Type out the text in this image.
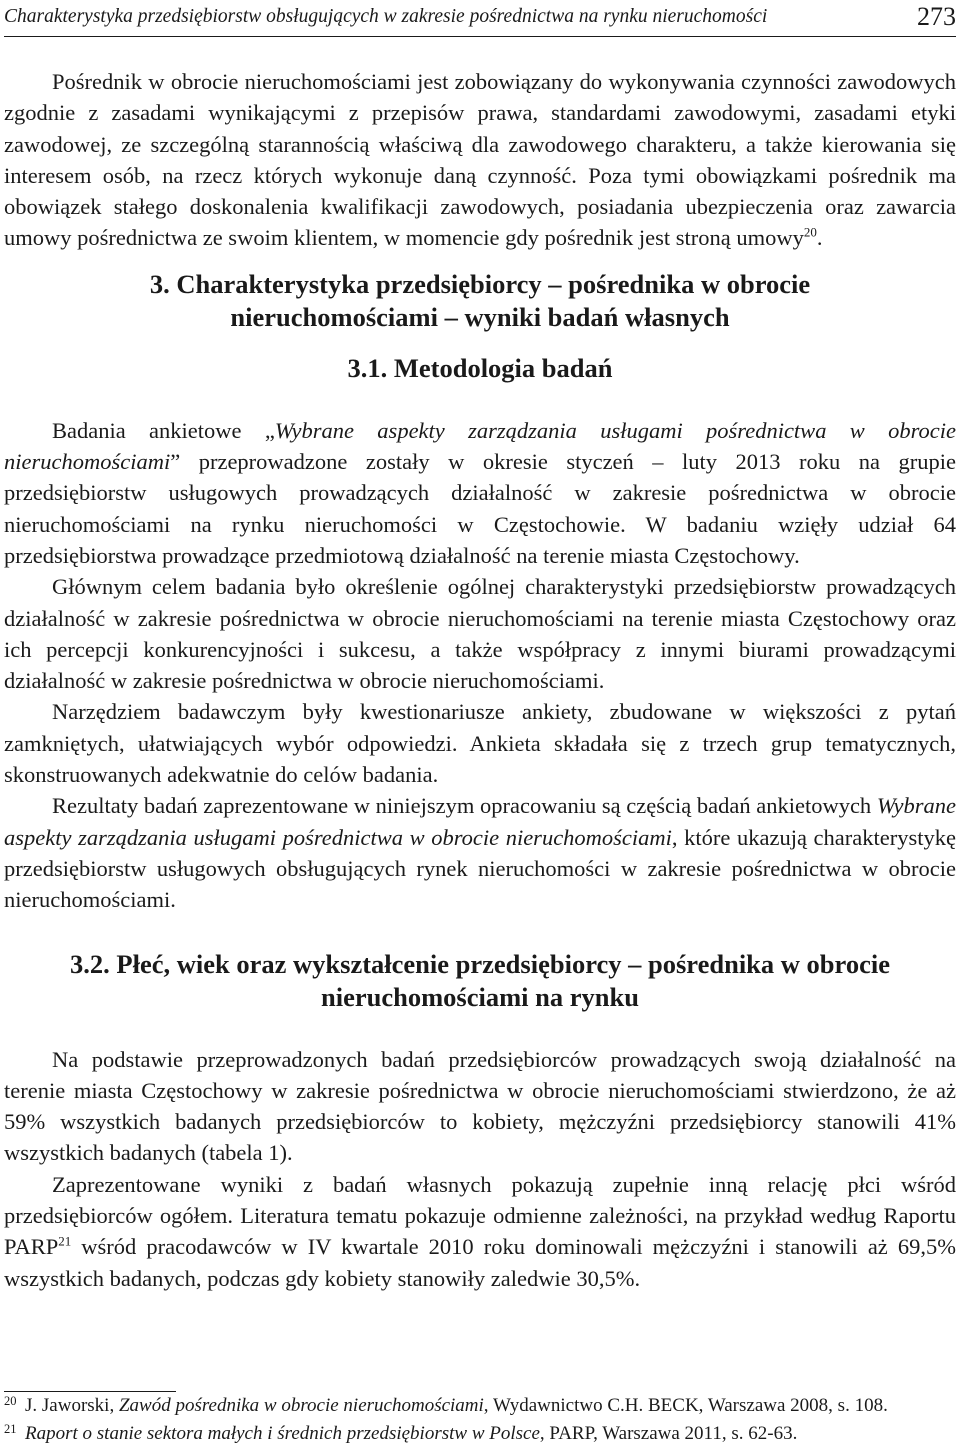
Charakterystyka przedsiębiorstw obsługujących w zakresie pośrednictwa na rynku nieruchomości	273

Pośrednik w obrocie nieruchomościami jest zobowiązany do wykonywania czynności zawodowych zgodnie z zasadami wynikającymi z przepisów prawa, standardami zawodowymi, zasadami etyki zawodowej, ze szczególną starannością właściwą dla zawodowego charakteru, a także kierowania się interesem osób, na rzecz których wykonuje daną czynność. Poza tymi obowiązkami pośrednik ma obowiązek stałego doskonalenia kwalifikacji zawodowych, posiadania ubezpieczenia oraz zawarcia umowy pośrednictwa ze swoim klientem, w momencie gdy pośrednik jest stroną umowy$^{20}$.

3. Charakterystyka przedsiębiorcy – pośrednika w obrocie
nieruchomościami – wyniki badań własnych
3.1. Metodologia badań

Badania ankietowe „Wybrane aspekty zarządzania usługami pośrednictwa w obrocie nieruchomościami” przeprowadzone zostały w okresie styczeń – luty 2013 roku na grupie przedsiębiorstw usługowych prowadzących działalność w zakresie pośrednictwa w obrocie nieruchomościami na rynku nieruchomości w Częstochowie. W badaniu wzięły udział 64 przedsiębiorstwa prowadzące przedmiotową działalność na terenie miasta Częstochowy.

Głównym celem badania było określenie ogólnej charakterystyki przedsiębiorstw prowadzących działalność w zakresie pośrednictwa w obrocie nieruchomościami na terenie miasta Częstochowy oraz ich percepcji konkurencyjności i sukcesu, a także współpracy z innymi biurami prowadzącymi działalność w zakresie pośrednictwa w obrocie nieruchomościami.

Narzędziem badawczym były kwestionariusze ankiety, zbudowane w większości z pytań zamkniętych, ułatwiających wybór odpowiedzi. Ankieta składała się z trzech grup tematycznych, skonstruowanych adekwatnie do celów badania.

Rezultaty badań zaprezentowane w niniejszym opracowaniu są częścią badań ankietowych Wybrane aspekty zarządzania usługami pośrednictwa w obrocie nieruchomościami, które ukazują charakterystykę przedsiębiorstw usługowych obsługujących rynek nieruchomości w zakresie pośrednictwa w obrocie nieruchomościami.

3.2. Płeć, wiek oraz wykształcenie przedsiębiorcy – pośrednika w obrocie
nieruchomościami na rynku

Na podstawie przeprowadzonych badań przedsiębiorców prowadzących swoją działalność na terenie miasta Częstochowy w zakresie pośrednictwa w obrocie nieruchomościami stwierdzono, że aż 59% wszystkich badanych przedsiębiorców to kobiety, mężczyźni przedsiębiorcy stanowili 41% wszystkich badanych (tabela 1).

Zaprezentowane wyniki z badań własnych pokazują zupełnie inną relację płci wśród przedsiębiorców ogółem. Literatura tematu pokazuje odmienne zależności, na przykład według Raportu PARP$^{21}$ wśród pracodawców w IV kwartale 2010 roku dominowali mężczyźni i stanowili aż 69,5% wszystkich badanych, podczas gdy kobiety stanowiły zaledwie 30,5%.

20 J. Jaworski, Zawód pośrednika w obrocie nieruchomościami, Wydawnictwo C.H. BECK, Warszawa 2008, s. 108.
21 Raport o stanie sektora małych i średnich przedsiębiorstw w Polsce, PARP, Warszawa 2011, s. 62-63.
